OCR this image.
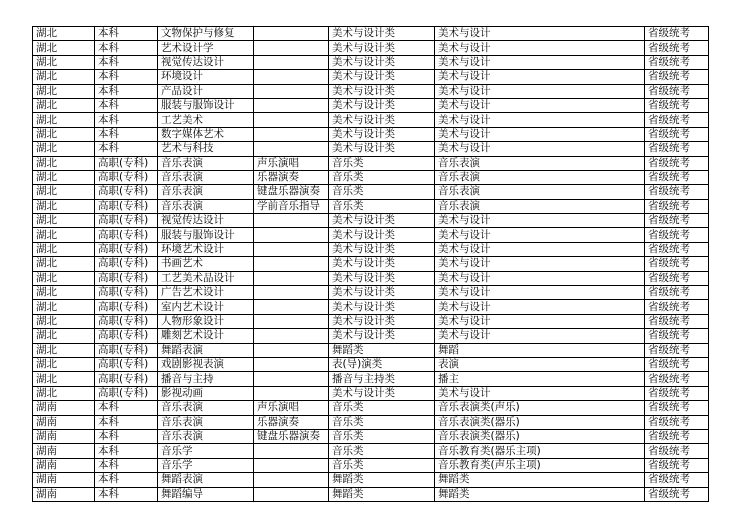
湖北	本科	文物保护与修复		美术与设计类	美术与设计	省级统考
湖北	本科	艺术设计学		美术与设计类	美术与设计	省级统考
湖北	本科	视觉传达设计		美术与设计类	美术与设计	省级统考
湖北	本科	环境设计		美术与设计类	美术与设计	省级统考
湖北	本科	产品设计		美术与设计类	美术与设计	省级统考
湖北	本科	服装与服饰设计		美术与设计类	美术与设计	省级统考
湖北	本科	工艺美术		美术与设计类	美术与设计	省级统考
湖北	本科	数字媒体艺术		美术与设计类	美术与设计	省级统考
湖北	本科	艺术与科技		美术与设计类	美术与设计	省级统考
湖北	高职(专科)	音乐表演	声乐演唱	音乐类	音乐表演	省级统考
湖北	高职(专科)	音乐表演	乐器演奏	音乐类	音乐表演	省级统考
湖北	高职(专科)	音乐表演	键盘乐器演奏	音乐类	音乐表演	省级统考
湖北	高职(专科)	音乐表演	学前音乐指导	音乐类	音乐表演	省级统考
湖北	高职(专科)	视觉传达设计		美术与设计类	美术与设计	省级统考
湖北	高职(专科)	服装与服饰设计		美术与设计类	美术与设计	省级统考
湖北	高职(专科)	环境艺术设计		美术与设计类	美术与设计	省级统考
湖北	高职(专科)	书画艺术		美术与设计类	美术与设计	省级统考
湖北	高职(专科)	工艺美术品设计		美术与设计类	美术与设计	省级统考
湖北	高职(专科)	广告艺术设计		美术与设计类	美术与设计	省级统考
湖北	高职(专科)	室内艺术设计		美术与设计类	美术与设计	省级统考
湖北	高职(专科)	人物形象设计		美术与设计类	美术与设计	省级统考
湖北	高职(专科)	雕刻艺术设计		美术与设计类	美术与设计	省级统考
湖北	高职(专科)	舞蹈表演		舞蹈类	舞蹈	省级统考
湖北	高职(专科)	戏剧影视表演		表(导)演类	表演	省级统考
湖北	高职(专科)	播音与主持		播音与主持类	播主	省级统考
湖北	高职(专科)	影视动画		美术与设计类	美术与设计	省级统考
湖南	本科	音乐表演	声乐演唱	音乐类	音乐表演类(声乐)	省级统考
湖南	本科	音乐表演	乐器演奏	音乐类	音乐表演类(器乐)	省级统考
湖南	本科	音乐表演	键盘乐器演奏	音乐类	音乐表演类(器乐)	省级统考
湖南	本科	音乐学		音乐类	音乐教育类(器乐主项)	省级统考
湖南	本科	音乐学		音乐类	音乐教育类(声乐主项)	省级统考
湖南	本科	舞蹈表演		舞蹈类	舞蹈类	省级统考
湖南	本科	舞蹈编导		舞蹈类	舞蹈类	省级统考
